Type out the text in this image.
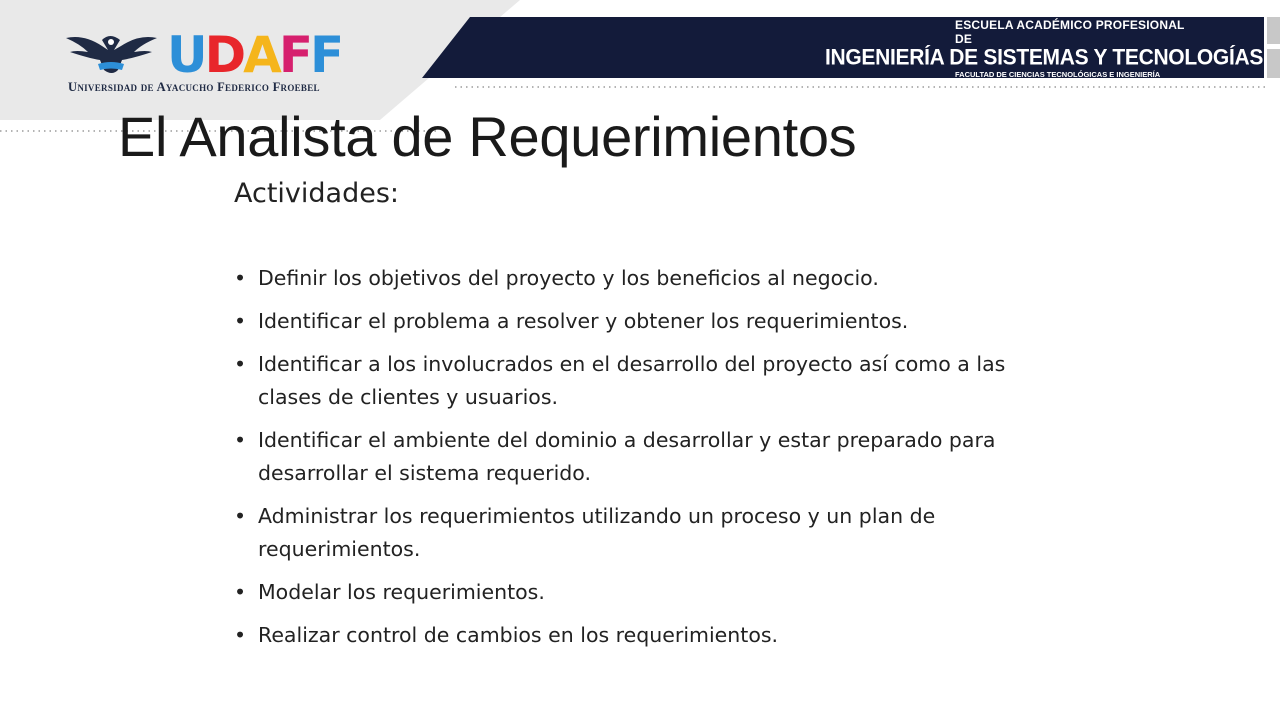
ESCUELA ACADÉMICO PROFESIONAL DE
INGENIERÍA DE SISTEMAS Y TECNOLOGÍAS
FACULTAD DE CIENCIAS TECNOLÓGICAS E INGENIERÍA
U D A F F
Universidad de Ayacucho Federico Froebel
El Analista de Requerimientos
Actividades:
• Definir los objetivos del proyecto y los beneficios al negocio.
• Identificar el problema a resolver y obtener los requerimientos.
• Identificar a los involucrados en el desarrollo del proyecto así como a las clases de clientes y usuarios.
• Identificar el ambiente del dominio a desarrollar y estar preparado para desarrollar el sistema requerido.
• Administrar los requerimientos utilizando un proceso y un plan de requerimientos.
• Modelar los requerimientos.
• Realizar control de cambios en los requerimientos.
